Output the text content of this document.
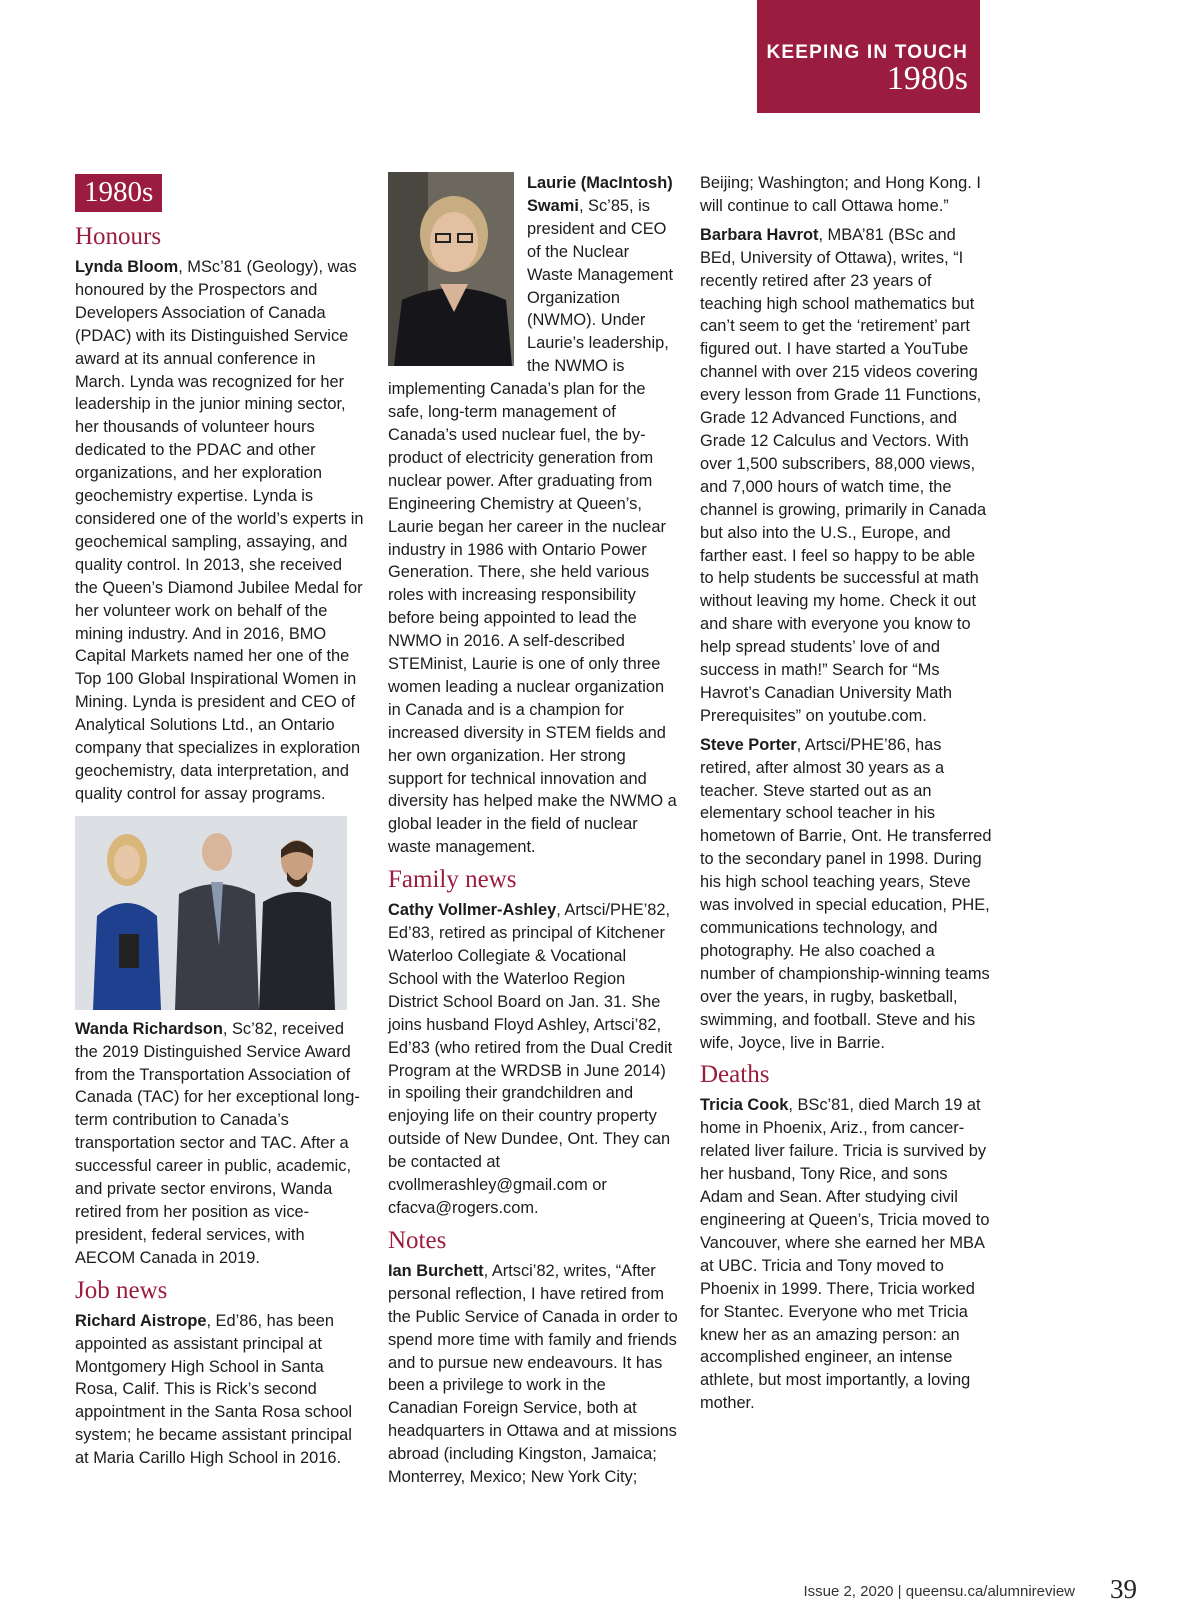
KEEPING IN TOUCH
1980s
1980s
Honours

Lynda Bloom, MSc’81 (Geology), was honoured by the Prospectors and Developers Association of Canada (PDAC) with its Distinguished Service award at its annual conference in March. Lynda was recognized for her leadership in the junior mining sector, her thousands of volunteer hours dedicated to the PDAC and other organizations, and her exploration geochemistry expertise. Lynda is considered one of the world’s experts in geochemical sampling, assaying, and quality control. In 2013, she received the Queen’s Diamond Jubilee Medal for her volunteer work on behalf of the mining industry. And in 2016, BMO Capital Markets named her one of the Top 100 Global Inspirational Women in Mining. Lynda is president and CEO of Analytical Solutions Ltd., an Ontario company that specializes in exploration geochemistry, data interpretation, and quality control for assay programs.

Wanda Richardson, Sc’82, received the 2019 Distinguished Service Award from the Transportation Association of Canada (TAC) for her exceptional long-term contribution to Canada’s transportation sector and TAC. After a successful career in public, academic, and private sector environs, Wanda retired from her position as vice-president, federal services, with AECOM Canada in 2019.

Job news

Richard Aistrope, Ed’86, has been appointed as assistant principal at Montgomery High School in Santa Rosa, Calif. This is Rick’s second appointment in the Santa Rosa school system; he became assistant principal at Maria Carillo High School in 2016.

Laurie (MacIntosh) Swami, Sc’85, is president and CEO of the Nuclear Waste Management Organization (NWMO). Under Laurie’s leadership, the NWMO is implementing Canada’s plan for the safe, long-term management of Canada’s used nuclear fuel, the by-product of electricity generation from nuclear power. After graduating from Engineering Chemistry at Queen’s, Laurie began her career in the nuclear industry in 1986 with Ontario Power Generation. There, she held various roles with increasing responsibility before being appointed to lead the NWMO in 2016. A self-described STEMinist, Laurie is one of only three women leading a nuclear organization in Canada and is a champion for increased diversity in STEM fields and her own organization. Her strong support for technical innovation and diversity has helped make the NWMO a global leader in the field of nuclear waste management.

Family news

Cathy Vollmer-Ashley, Artsci/PHE’82, Ed’83, retired as principal of Kitchener Waterloo Collegiate & Vocational School with the Waterloo Region District School Board on Jan. 31. She joins husband Floyd Ashley, Artsci’82, Ed’83 (who retired from the Dual Credit Program at the WRDSB in June 2014) in spoiling their grandchildren and enjoying life on their country property outside of New Dundee, Ont. They can be contacted at cvollmerashley@gmail.com or cfacva@rogers.com.

Notes

Ian Burchett, Artsci’82, writes, “After personal reflection, I have retired from the Public Service of Canada in order to spend more time with family and friends and to pursue new endeavours. It has been a privilege to work in the Canadian Foreign Service, both at headquarters in Ottawa and at missions abroad (including Kingston, Jamaica; Monterrey, Mexico; New York City;

Beijing; Washington; and Hong Kong. I will continue to call Ottawa home.”

Barbara Havrot, MBA’81 (BSc and BEd, University of Ottawa), writes, “I recently retired after 23 years of teaching high school mathematics but can’t seem to get the ‘retirement’ part figured out. I have started a YouTube channel with over 215 videos covering every lesson from Grade 11 Functions, Grade 12 Advanced Functions, and Grade 12 Calculus and Vectors. With over 1,500 subscribers, 88,000 views, and 7,000 hours of watch time, the channel is growing, primarily in Canada but also into the U.S., Europe, and farther east. I feel so happy to be able to help students be successful at math without leaving my home. Check it out and share with everyone you know to help spread students’ love of and success in math!” Search for “Ms Havrot’s Canadian University Math Prerequisites” on youtube.com.

Steve Porter, Artsci/PHE’86, has retired, after almost 30 years as a teacher. Steve started out as an elementary school teacher in his hometown of Barrie, Ont. He transferred to the secondary panel in 1998. During his high school teaching years, Steve was involved in special education, PHE, communications technology, and photography. He also coached a number of championship-winning teams over the years, in rugby, basketball, swimming, and football. Steve and his wife, Joyce, live in Barrie.

Deaths

Tricia Cook, BSc’81, died March 19 at home in Phoenix, Ariz., from cancer-related liver failure. Tricia is survived by her husband, Tony Rice, and sons Adam and Sean. After studying civil engineering at Queen’s, Tricia moved to Vancouver, where she earned her MBA at UBC. Tricia and Tony moved to Phoenix in 1999. There, Tricia worked for Stantec. Everyone who met Tricia knew her as an amazing person: an accomplished engineer, an intense athlete, but most importantly, a loving mother.

Issue 2, 2020 | queensu.ca/alumnireview 39
